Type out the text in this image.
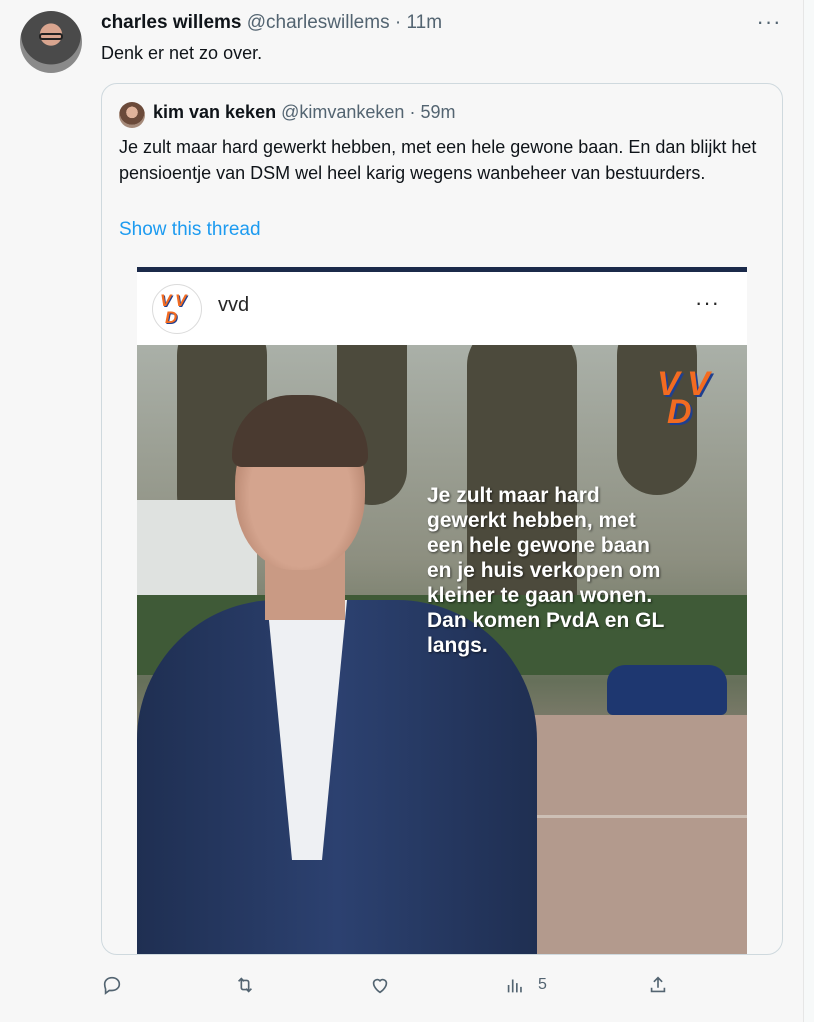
charles willems @charleswillems · 11m	···
Denk er net zo over.
kim van keken @kimvankeken · 59m
Je zult maar hard gewerkt hebben, met een hele gewone baan. En dan blijkt het pensioentje van DSM wel heel karig wegens wanbeheer van bestuurders.
Show this thread
V V
D
vvd	···
V V
D
Je zult maar hard
gewerkt hebben, met
een hele gewone baan
en je huis verkopen om
kleiner te gaan wonen.
Dan komen PvdA en GL
langs.
5
